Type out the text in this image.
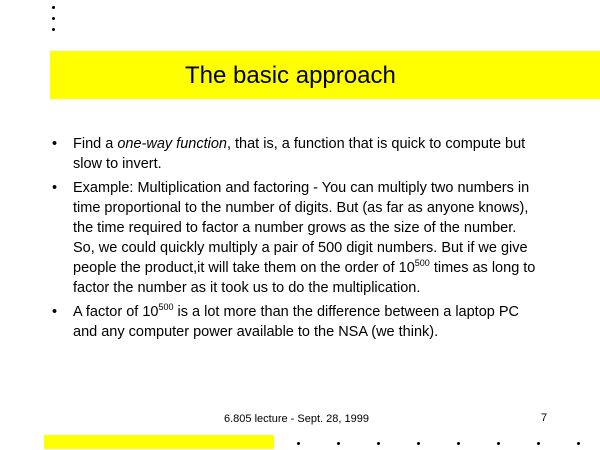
The basic approach
•	Find a one-way function, that is, a function that is quick to compute but slow to invert.
•	Example: Multiplication and factoring - You can multiply two numbers in time proportional to the number of digits. But (as far as anyone knows), the time required to factor a number grows as the size of the number. So, we could quickly multiply a pair of 500 digit numbers. But if we give people the product,it will take them on the order of $10^{500}$ times as long to factor the number as it took us to do the multiplication.
•	A factor of $10^{500}$ is a lot more than the difference between a laptop PC and any computer power available to the NSA (we think).
6.805 lecture - Sept. 28, 1999	7
